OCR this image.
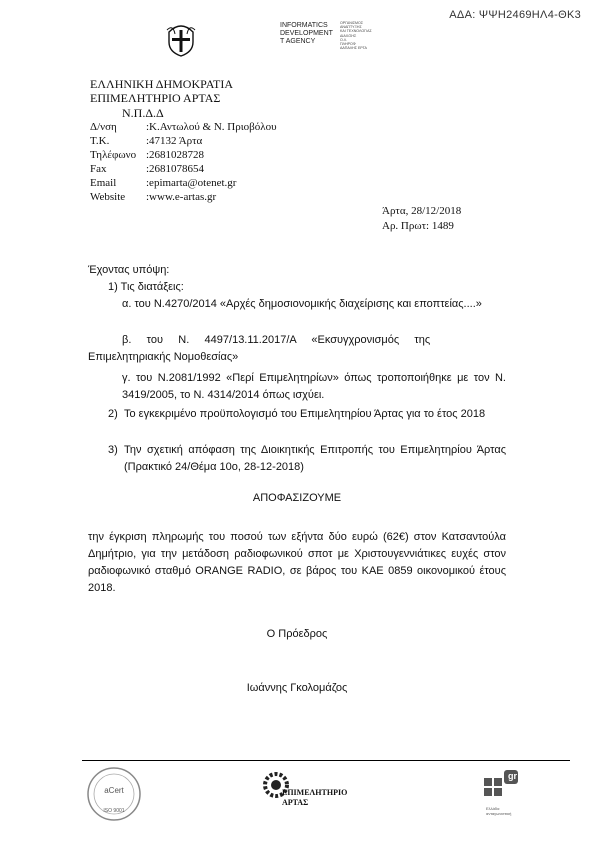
ΑΔΑ: ΨΨΗ2469ΗΛ4-ΘΚ3
INFORMATICS
DEVELOPMENT
T AGENCY
ΟΡΓΑΝΙΣΜΟΣ
ΑΝΑΠΤΥΞΗΣ
ΚΑΙ ΤΕΧΝΟΛΟΓΙΑΣ
ΔΙΑΧ/ΣΗΣ
Ο.Λ.
ΠΛΗΡΟΦ
ΑΑΠΑΛΗΣ ΕΡΓΑ
ΕΛΛΗΝΙΚΗ ΔΗΜΟΚΡΑΤΙΑ
ΕΠΙΜΕΛΗΤΗΡΙΟ ΑΡΤΑΣ
Ν.Π.Δ.Δ
Δ/νση	:Κ.Αντωλού & Ν. Πριοβόλου
Τ.Κ.	:47132 Άρτα
Τηλέφωνο :2681028728
Fax	:2681078654
Email	:epimarta@otenet.gr
Website :www.e-artas.gr
Άρτα, 28/12/2018
Αρ. Πρωτ: 1489
Έχοντας υπόψη:
1) Τις διατάξεις:
α. του Ν.4270/2014 «Αρχές δημοσιονομικής διαχείρισης και εποπτείας....»
β.     του     Ν.     4497/13.11.2017/Α     «Εκσυγχρονισμός     της
Επιμελητηριακής Νομοθεσίας»
γ. του Ν.2081/1992 «Περί Επιμελητηρίων» όπως τροποποιήθηκε με τον Ν. 3419/2005, το Ν. 4314/2014 όπως ισχύει.
2) Το εγκεκριμένο προϋπολογισμό του Επιμελητηρίου Άρτας για το έτος 2018
3) Την σχετική απόφαση της Διοικητικής Επιτροπής του Επιμελητηρίου Άρτας (Πρακτικό 24/Θέμα 10ο, 28-12-2018)
ΑΠΟΦΑΣΙΖΟΥΜΕ
την έγκριση πληρωμής του ποσού των εξήντα δύο ευρώ (62€) στον Κατσαντούλα Δημήτριο, για την μετάδοση ραδιοφωνικού σποτ με Χριστουγεννιάτικες ευχές στον ραδιοφωνικό σταθμό ORANGE RADIO, σε βάρος του ΚΑΕ 0859 οικονομικού έτους 2018.
Ο Πρόεδρος
Ιωάννης Γκολομάζος
aCert
ISO 9001
ΕΠΙΜΕΛΗΤΗΡΙΟ
ΑΡΤΑΣ
gr
Ελλάδα
ανταγωνιστική
